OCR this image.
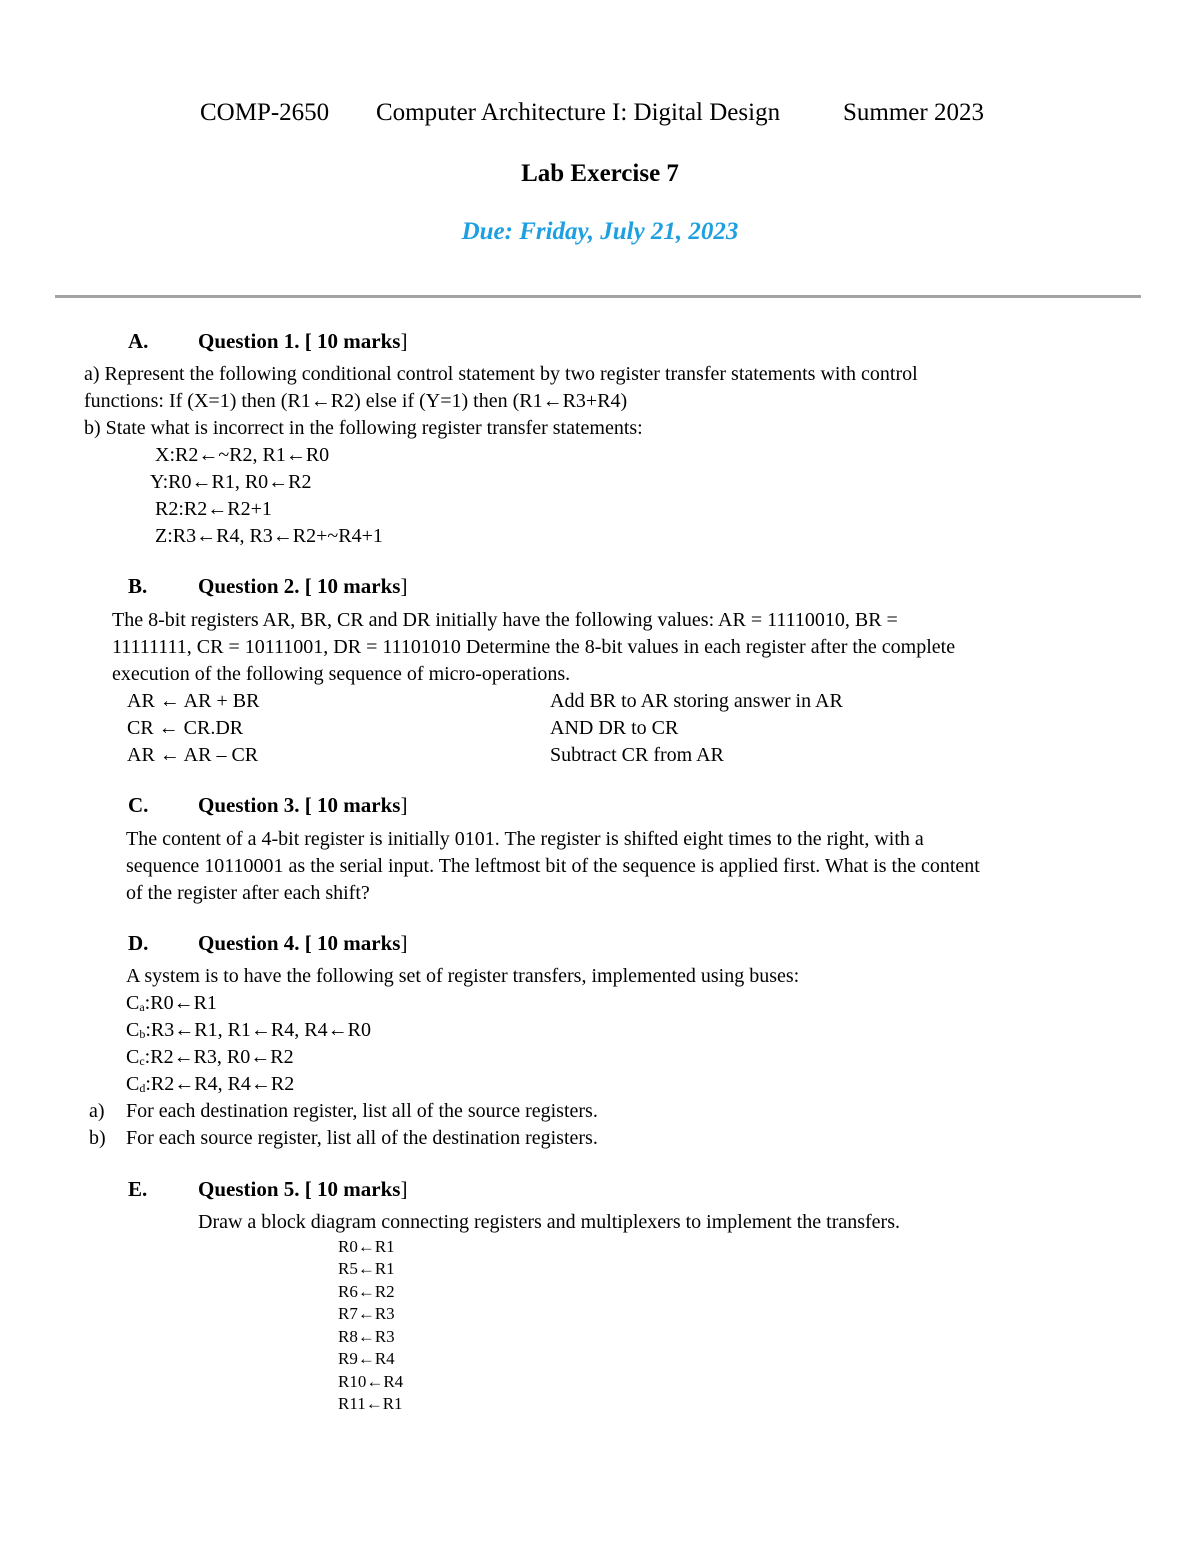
COMP-2650 Computer Architecture I: Digital Design	Summer 2023
Lab Exercise 7
Due: Friday, July 21, 2023
A. Question 1. [ 10 marks]
a) Represent the following conditional control statement by two register transfer statements with control
functions: If (X=1) then (R1←R2) else if (Y=1) then (R1←R3+R4)
b) State what is incorrect in the following register transfer statements:
X:R2←~R2, R1←R0
Y:R0←R1, R0←R2
R2:R2←R2+1
Z:R3←R4, R3←R2+~R4+1
B. Question 2. [ 10 marks]
The 8-bit registers AR, BR, CR and DR initially have the following values: AR = 11110010, BR =
11111111, CR = 10111001, DR = 11101010 Determine the 8-bit values in each register after the complete
execution of the following sequence of micro-operations.
AR ← AR + BR	Add BR to AR storing answer in AR
CR ← CR.DR	AND DR to CR
AR ← AR – CR	Subtract CR from AR
C. Question 3. [ 10 marks]
The content of a 4-bit register is initially 0101. The register is shifted eight times to the right, with a
sequence 10110001 as the serial input. The leftmost bit of the sequence is applied first. What is the content
of the register after each shift?
D. Question 4. [ 10 marks]
A system is to have the following set of register transfers, implemented using buses:
$C_a:R0\leftarrow R1$
$C_b:R3\leftarrow R1$, R1←R4, R4←R0
$C_c:R2\leftarrow R3$, R0←R2
$C_d:R2\leftarrow R4$, R4←R2
a) For each destination register, list all of the source registers.
b) For each source register, list all of the destination registers.
E. Question 5. [ 10 marks]
Draw a block diagram connecting registers and multiplexers to implement the transfers.
R0←R1
R5←R1
R6←R2
R7←R3
R8←R3
R9←R4
R10←R4
R11←R1
